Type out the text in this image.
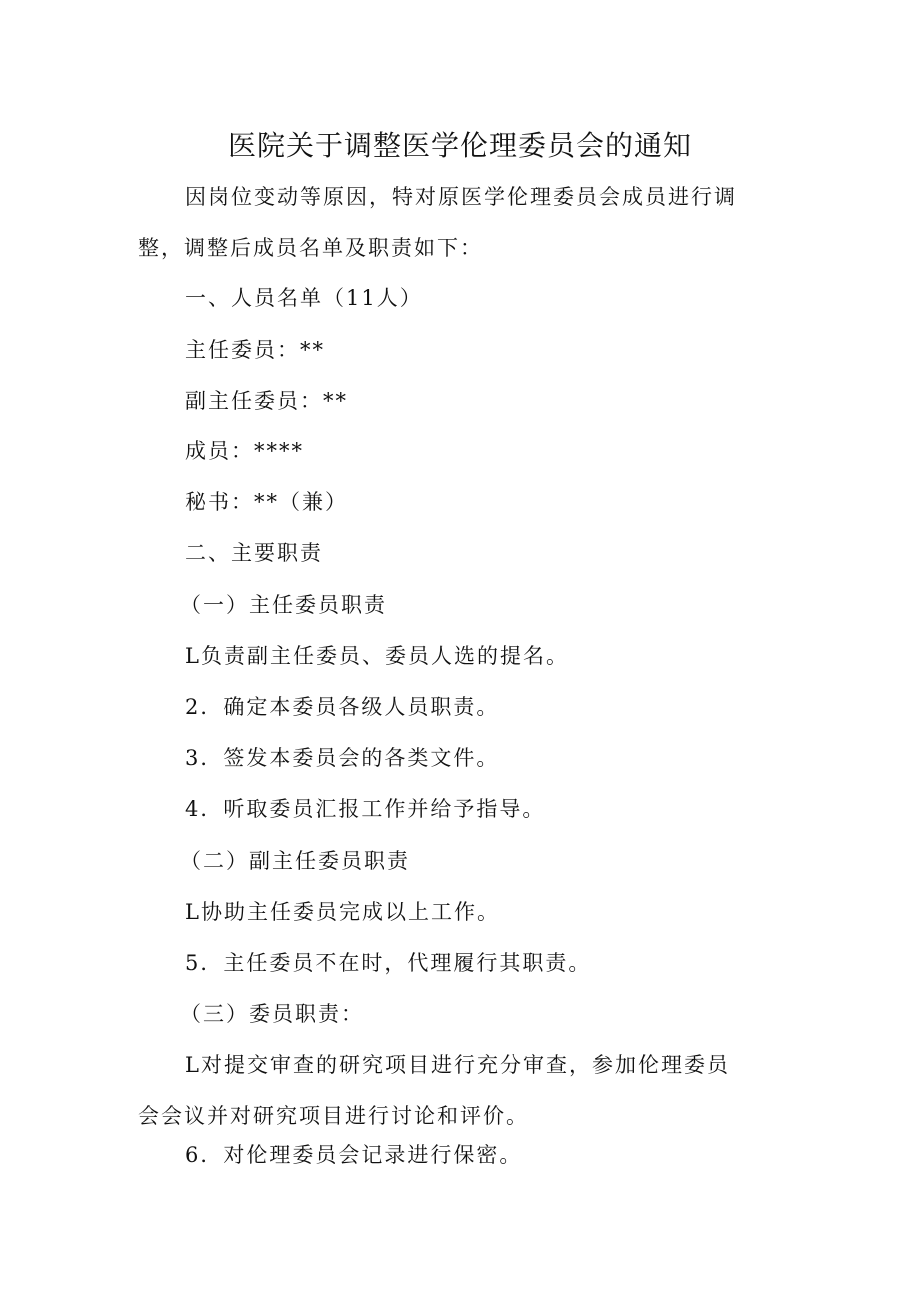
医院关于调整医学伦理委员会的通知
因岗位变动等原因，特对原医学伦理委员会成员进行调
整，调整后成员名单及职责如下：
一、人员名单（11人）
主任委员：**
副主任委员：**
成员：****
秘书：**（兼）
二、主要职责
（一）主任委员职责
L负责副主任委员、委员人选的提名。
2．确定本委员各级人员职责。
3．签发本委员会的各类文件。
4．听取委员汇报工作并给予指导。
（二）副主任委员职责
L协助主任委员完成以上工作。
5．主任委员不在时，代理履行其职责。
（三）委员职责：
L对提交审查的研究项目进行充分审查，参加伦理委员
会会议并对研究项目进行讨论和评价。
6．对伦理委员会记录进行保密。
